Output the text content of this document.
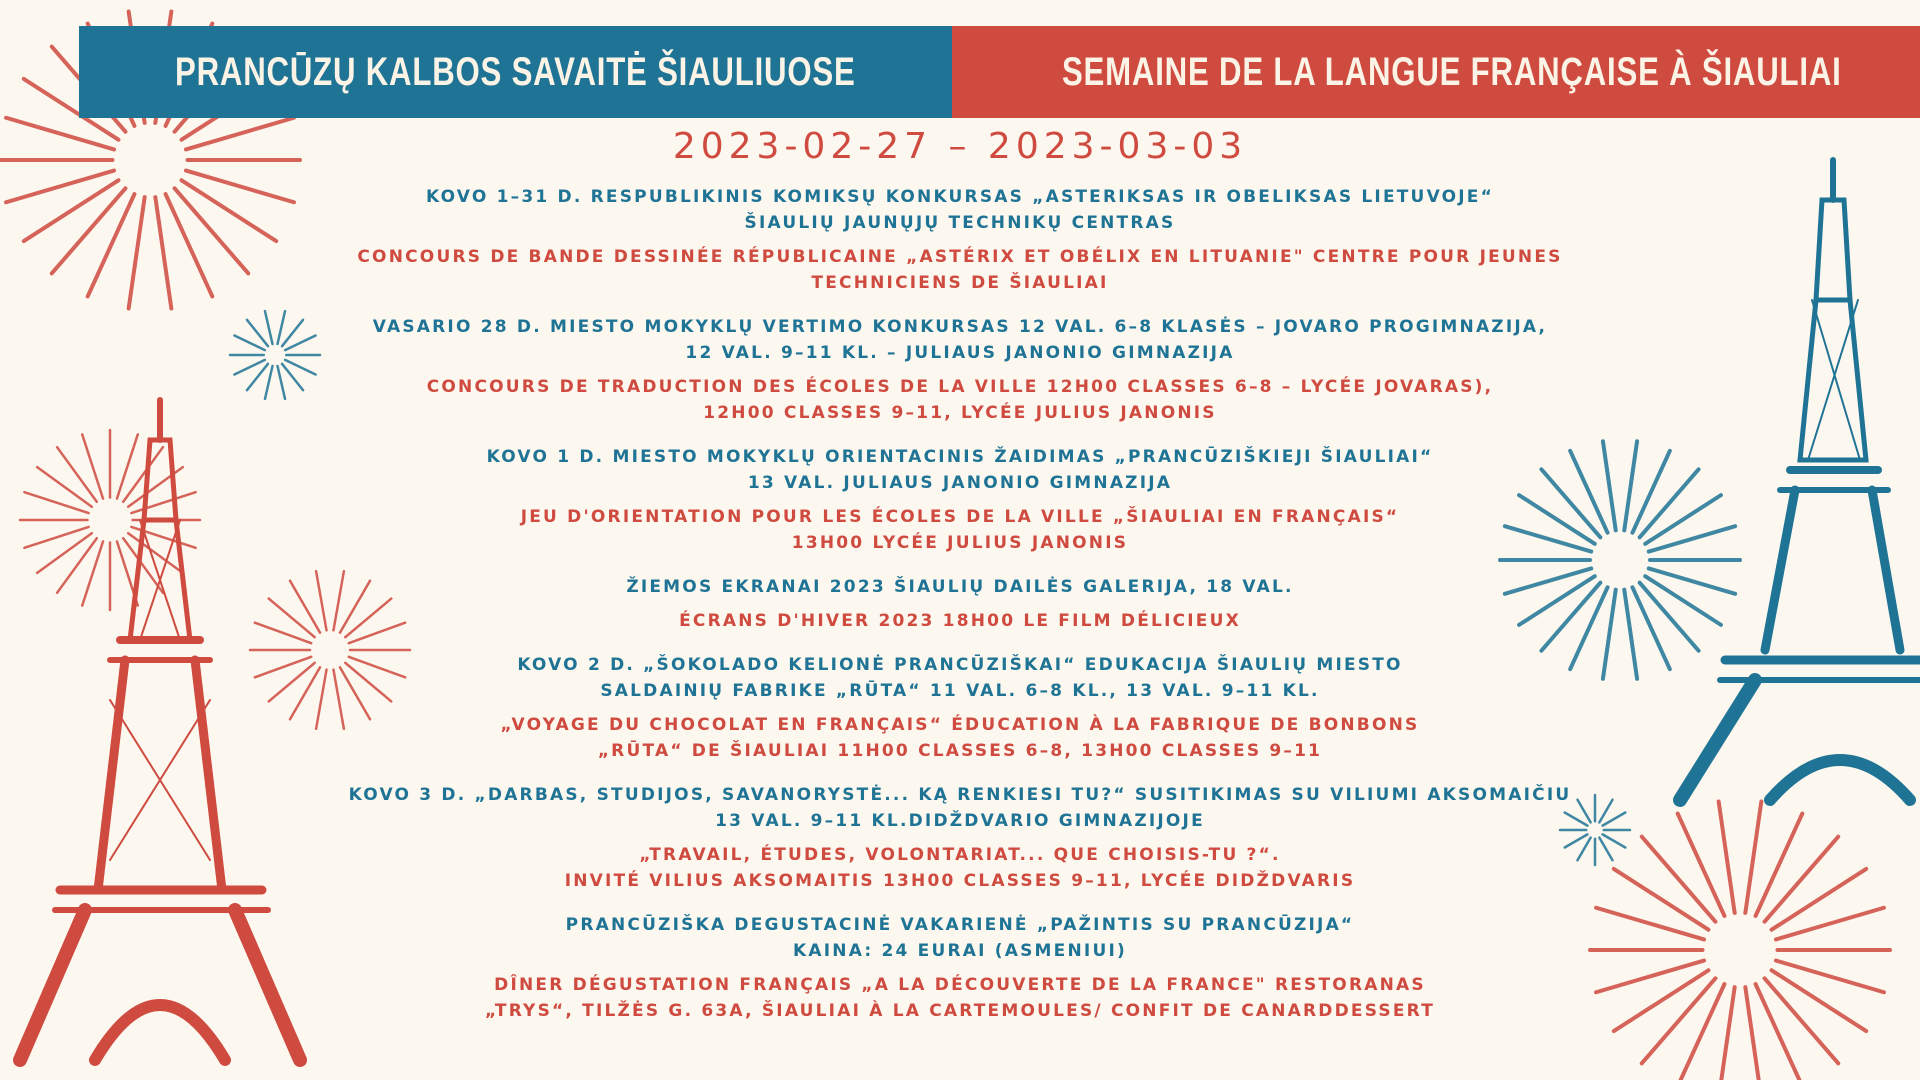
PRANCŪZŲ KALBOS SAVAITĖ ŠIAULIUOSE	SEMAINE DE LA LANGUE FRANÇAISE À ŠIAULIAI
2023-02-27 – 2023-03-03
KOVO 1–31 D. RESPUBLIKINIS KOMIKSŲ KONKURSAS „ASTERIKSAS IR OBELIKSAS LIETUVOJE“
ŠIAULIŲ JAUNŲJŲ TECHNIKŲ CENTRAS
CONCOURS DE BANDE DESSINÉE RÉPUBLICAINE „ASTÉRIX ET OBÉLIX EN LITUANIE" CENTRE POUR JEUNES
TECHNICIENS DE ŠIAULIAI
VASARIO 28 D. MIESTO MOKYKLŲ VERTIMO KONKURSAS 12 VAL. 6–8 KLASĖS – JOVARO PROGIMNAZIJA,
12 VAL. 9–11 KL. – JULIAUS JANONIO GIMNAZIJA
CONCOURS DE TRADUCTION DES ÉCOLES DE LA VILLE 12H00 CLASSES 6–8 – LYCÉE JOVARAS),
12H00 CLASSES 9–11, LYCÉE JULIUS JANONIS
KOVO 1 D. MIESTO MOKYKLŲ ORIENTACINIS ŽAIDIMAS „PRANCŪZIŠKIEJI ŠIAULIAI“
13 VAL. JULIAUS JANONIO GIMNAZIJA
JEU D'ORIENTATION POUR LES ÉCOLES DE LA VILLE „ŠIAULIAI EN FRANÇAIS“
13H00 LYCÉE JULIUS JANONIS
ŽIEMOS EKRANAI 2023 ŠIAULIŲ DAILĖS GALERIJA, 18 VAL.
ÉCRANS D'HIVER 2023 18H00 LE FILM DÉLICIEUX
KOVO 2 D. „ŠOKOLADO KELIONĖ PRANCŪZIŠKAI“ EDUKACIJA ŠIAULIŲ MIESTO
SALDAINIŲ FABRIKE „RŪTA“ 11 VAL. 6–8 KL., 13 VAL. 9–11 KL.
„VOYAGE DU CHOCOLAT EN FRANÇAIS“ ÉDUCATION À LA FABRIQUE DE BONBONS
„RŪTA“ DE ŠIAULIAI 11H00 CLASSES 6–8, 13H00 CLASSES 9–11
KOVO 3 D. „DARBAS, STUDIJOS, SAVANORYSTĖ... KĄ RENKIESI TU?“ SUSITIKIMAS SU VILIUMI AKSOMAIČIU
13 VAL. 9–11 KL.DIDŽDVARIO GIMNAZIJOJE
„TRAVAIL, ÉTUDES, VOLONTARIAT... QUE CHOISIS-TU ?“.
INVITÉ VILIUS AKSOMAITIS 13H00 CLASSES 9–11, LYCÉE DIDŽDVARIS
PRANCŪZIŠKA DEGUSTACINĖ VAKARIENĖ „PAŽINTIS SU PRANCŪZIJA“
KAINA: 24 EURAI (ASMENIUI)
DÎNER DÉGUSTATION FRANÇAIS „A LA DÉCOUVERTE DE LA FRANCE" RESTORANAS
„TRYS“, TILŽĖS G. 63A, ŠIAULIAI À LA CARTEMOULES/ CONFIT DE CANARDDESSERT
